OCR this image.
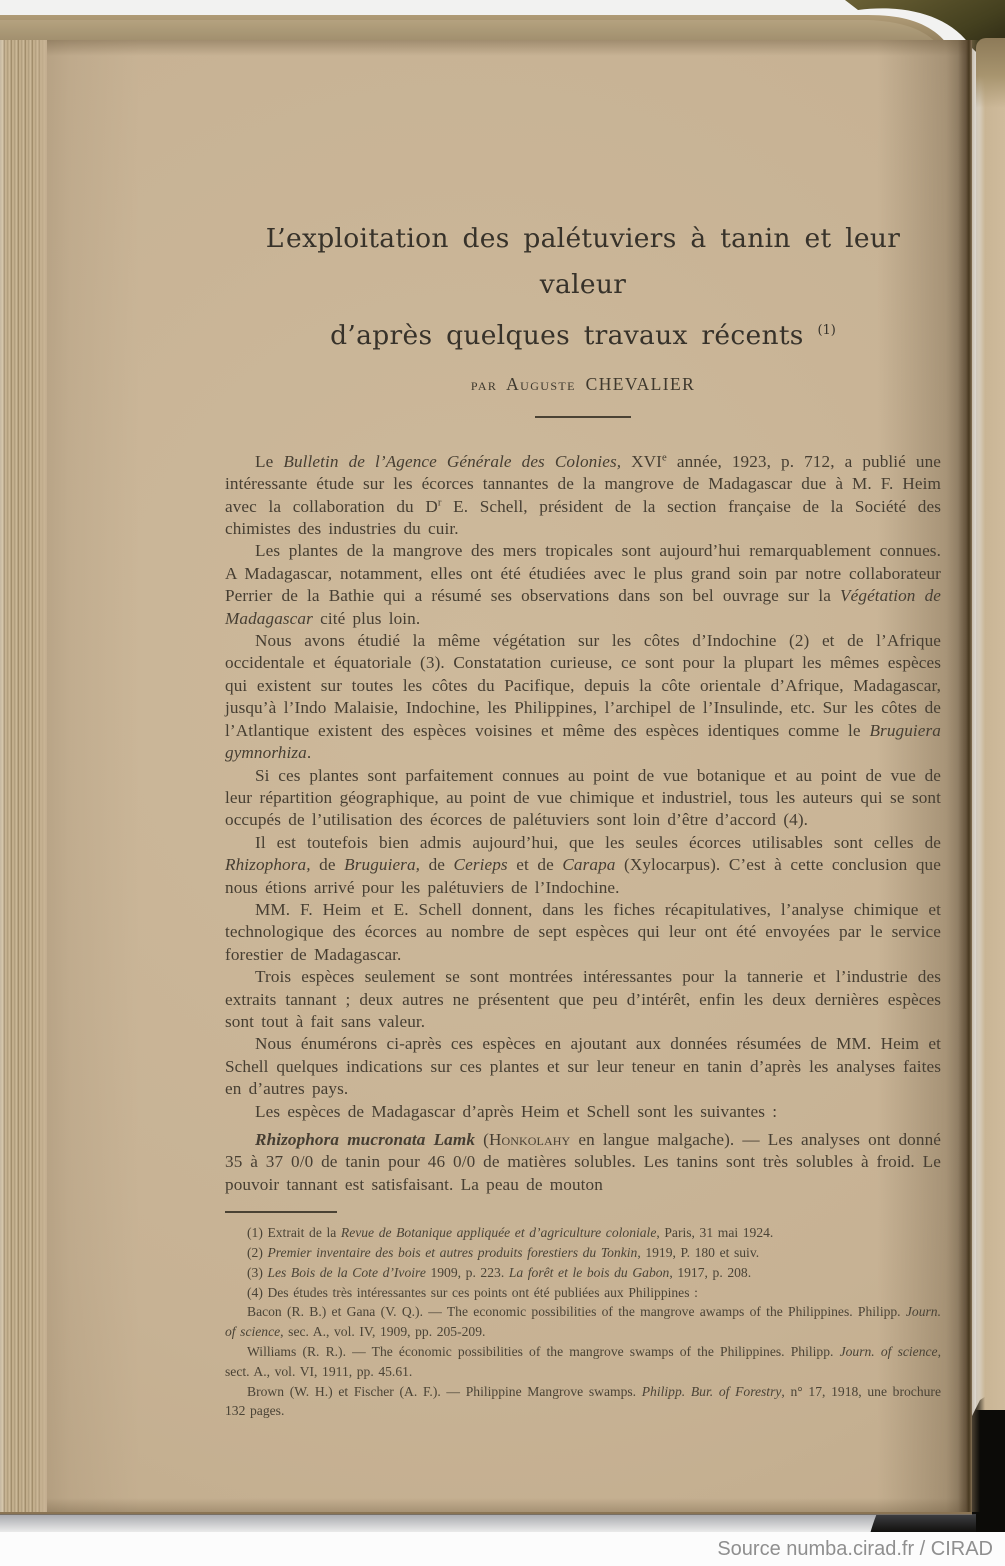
L’exploitation des palétuviers à tanin et leur valeur
d’après quelques travaux récents $^{(1)}$
par Auguste CHEVALIER

Le Bulletin de l’Agence Générale des Colonies, XVIe année, 1923, p. 712, a publié une intéressante étude sur les écorces tannantes de la mangrove de Madagascar due à M. F. Heim avec la collaboration du $D^r$ E. Schell, président de la section française de la Société des chimistes des industries du cuir.

Les plantes de la mangrove des mers tropicales sont aujourd’hui remarquablement connues. A Madagascar, notamment, elles ont été étudiées avec le plus grand soin par notre collaborateur Perrier de la Bathie qui a résumé ses observations dans son bel ouvrage sur la Végétation de Madagascar cité plus loin.

Nous avons étudié la même végétation sur les côtes d’Indochine (2) et de l’Afrique occidentale et équatoriale (3). Constatation curieuse, ce sont pour la plupart les mêmes espèces qui existent sur toutes les côtes du Pacifique, depuis la côte orientale d’Afrique, Madagascar, jusqu’à l’Indo Malaisie, Indochine, les Philippines, l’archipel de l’Insulinde, etc. Sur les côtes de l’Atlantique existent des espèces voisines et même des espèces identiques comme le Bruguiera gymnorhiza.

Si ces plantes sont parfaitement connues au point de vue botanique et au point de vue de leur répartition géographique, au point de vue chimique et industriel, tous les auteurs qui se sont occupés de l’utilisation des écorces de palétuviers sont loin d’être d’accord (4).

Il est toutefois bien admis aujourd’hui, que les seules écorces utilisables sont celles de Rhizophora, de Bruguiera, de Cerieps et de Carapa (Xylocarpus). C’est à cette conclusion que nous étions arrivé pour les palétuviers de l’Indochine.

MM. F. Heim et E. Schell donnent, dans les fiches récapitulatives, l’analyse chimique et technologique des écorces au nombre de sept espèces qui leur ont été envoyées par le service forestier de Madagascar.

Trois espèces seulement se sont montrées intéressantes pour la tannerie et l’industrie des extraits tannant ; deux autres ne présentent que peu d’intérêt, enfin les deux dernières espèces sont tout à fait sans valeur.

Nous énumérons ci-après ces espèces en ajoutant aux données résumées de MM. Heim et Schell quelques indications sur ces plantes et sur leur teneur en tanin d’après les analyses faites en d’autres pays.

Les espèces de Madagascar d’après Heim et Schell sont les suivantes :

Rhizophora mucronata Lamk (Honkolahy en langue malgache). — Les analyses ont donné 35 à 37 0/0 de tanin pour 46 0/0 de matières solubles. Les tanins sont très solubles à froid. Le pouvoir tannant est satisfaisant. La peau de mouton

(1) Extrait de la Revue de Botanique appliquée et d’agriculture coloniale, Paris, 31 mai 1924.

(2) Premier inventaire des bois et autres produits forestiers du Tonkin, 1919, P. 180 et suiv.

(3) Les Bois de la Cote d’Ivoire 1909, p. 223. La forêt et le bois du Gabon, 1917, p. 208.

(4) Des études très intéressantes sur ces points ont été publiées aux Philippines :

Bacon (R. B.) et Gana (V. Q.). — The economic possibilities of the mangrove awamps of the Philippines. Philipp. Journ. of science, sec. A., vol. IV, 1909, pp. 205-209.

Williams (R. R.). — The économic possibilities of the mangrove swamps of the Philippines. Philipp. Journ. of science, sect. A., vol. VI, 1911, pp. 45.61.

Brown (W. H.) et Fischer (A. F.). — Philippine Mangrove swamps. Philipp. Bur. of Forestry, n° 17, 1918, une brochure 132 pages.

Source numba.cirad.fr / CIRAD
